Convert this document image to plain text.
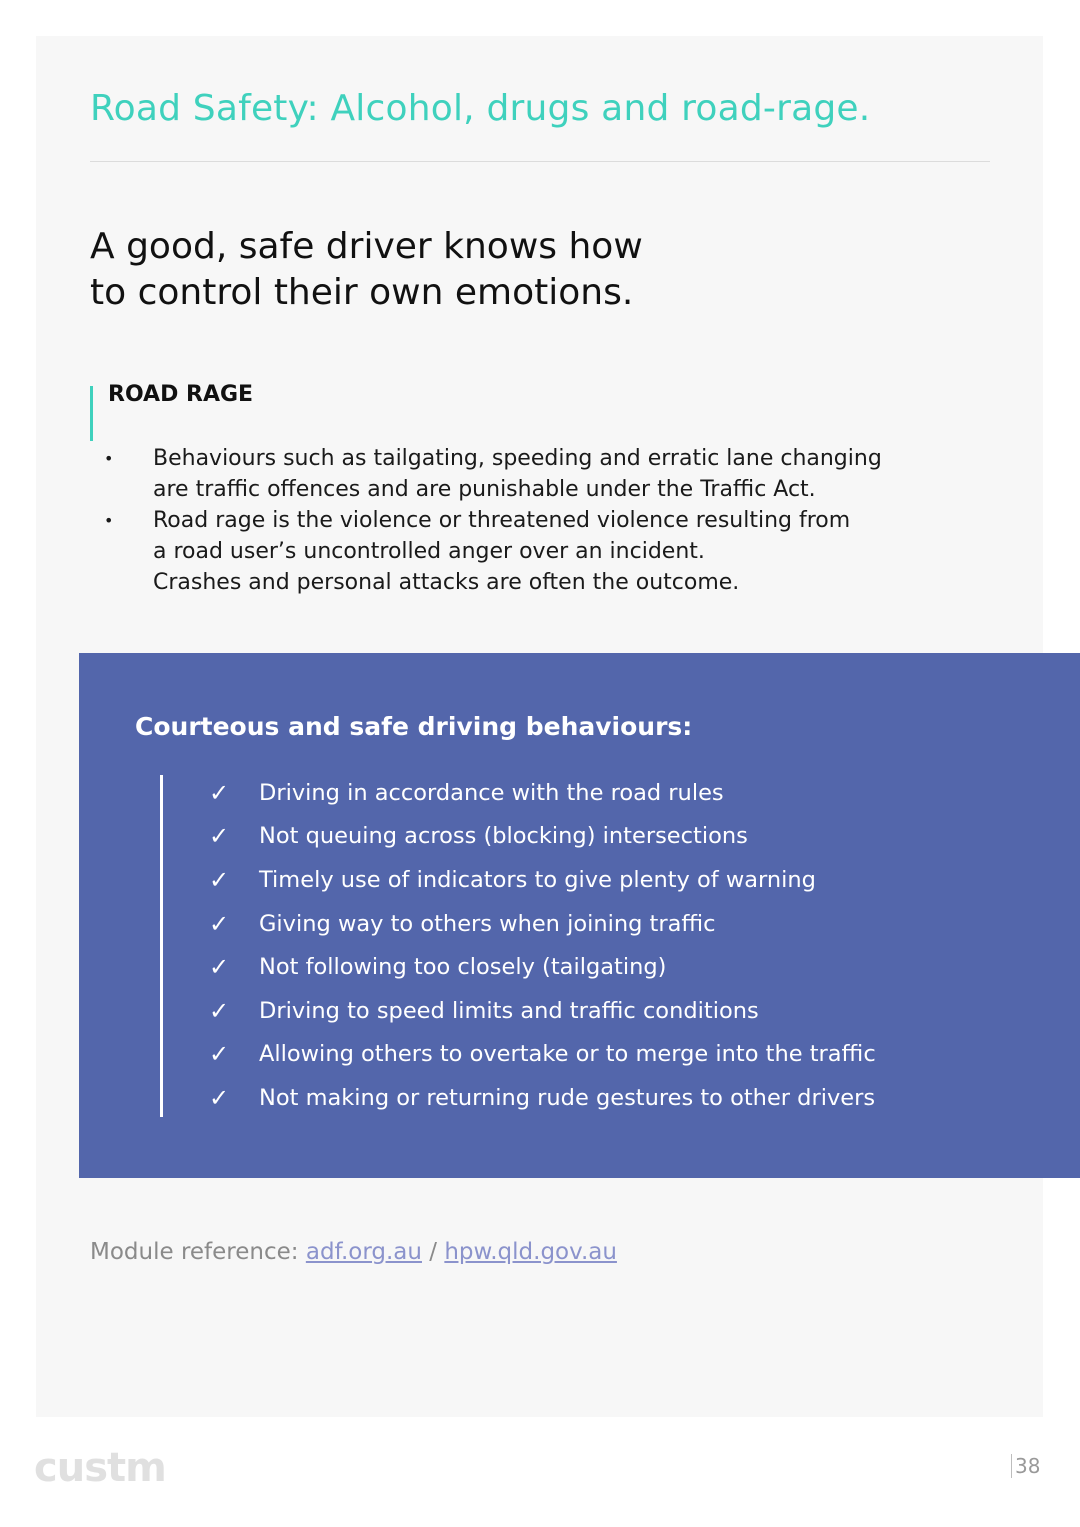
Road Safety: Alcohol, drugs and road-rage.
A good, safe driver knows how
to control their own emotions.
ROAD RAGE
• Behaviours such as tailgating, speeding and erratic lane changing
are traffic offences and are punishable under the Traffic Act.
• Road rage is the violence or threatened violence resulting from
a road user’s uncontrolled anger over an incident.
Crashes and personal attacks are often the outcome.
Courteous and safe driving behaviours:
✓	Driving in accordance with the road rules
✓	Not queuing across (blocking) intersections
✓	Timely use of indicators to give plenty of warning
✓	Giving way to others when joining traffic
✓	Not following too closely (tailgating)
✓	Driving to speed limits and traffic conditions
✓	Allowing others to overtake or to merge into the traffic
✓	Not making or returning rude gestures to other drivers
Module reference: adf.org.au / hpw.qld.gov.au
custm	38
